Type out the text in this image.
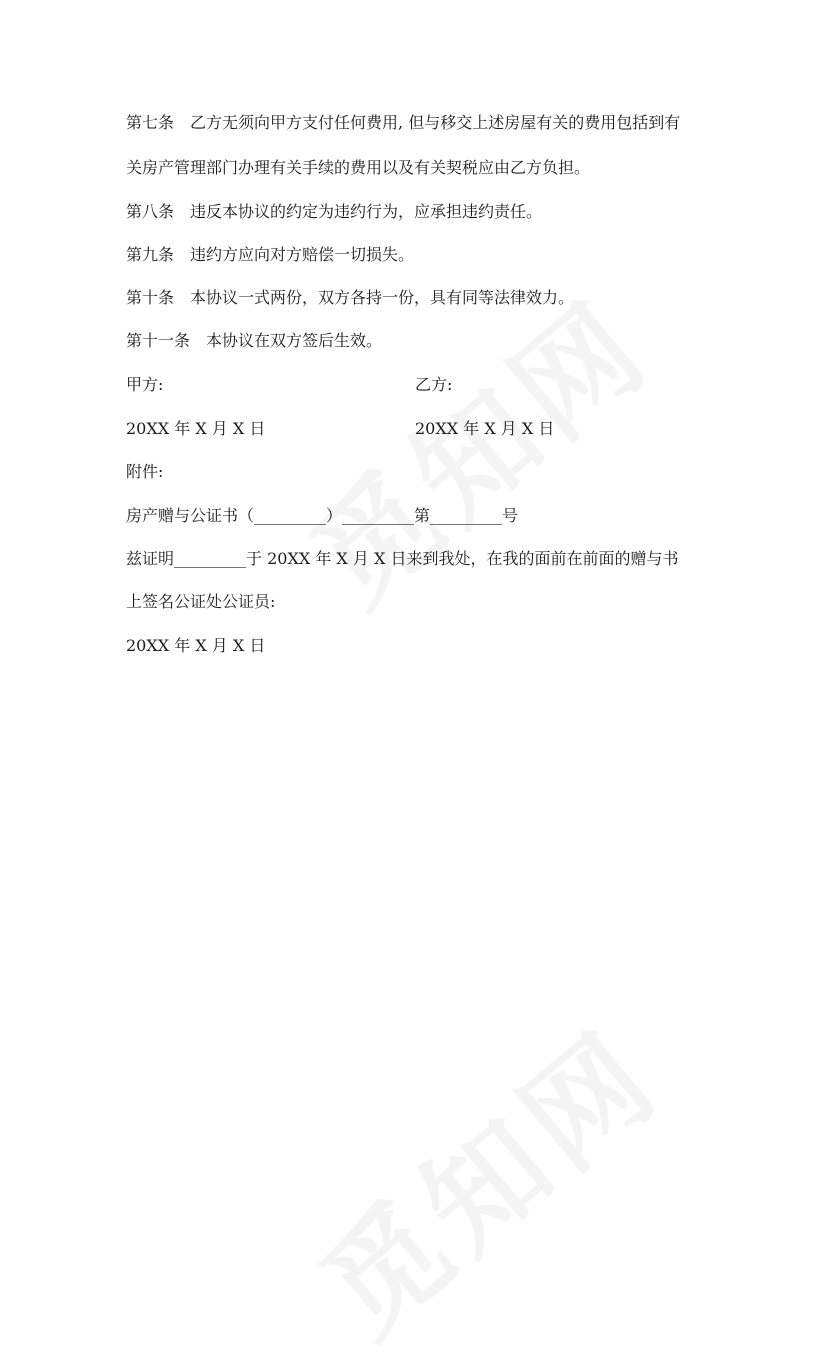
第七条 乙方无须向甲方支付任何费用, 但与移交上述房屋有关的费用包括到有
关房产管理部门办理有关手续的费用以及有关契税应由乙方负担。
第八条 违反本协议的约定为违约行为，应承担违约责任。
第九条 违约方应向对方赔偿一切损失。
第十条 本协议一式两份，双方各持一份，具有同等法律效力。
第十一条 本协议在双方签后生效。
甲方:	乙方:
20XX 年 X 月 X 日	20XX 年 X 月 X 日
附件:
房产赠与公证书（_________）_________第_________号
兹证明_________于 20XX 年 X 月 X 日来到我处，在我的面前在前面的赠与书
上签名公证处公证员:
20XX 年 X 月 X 日
